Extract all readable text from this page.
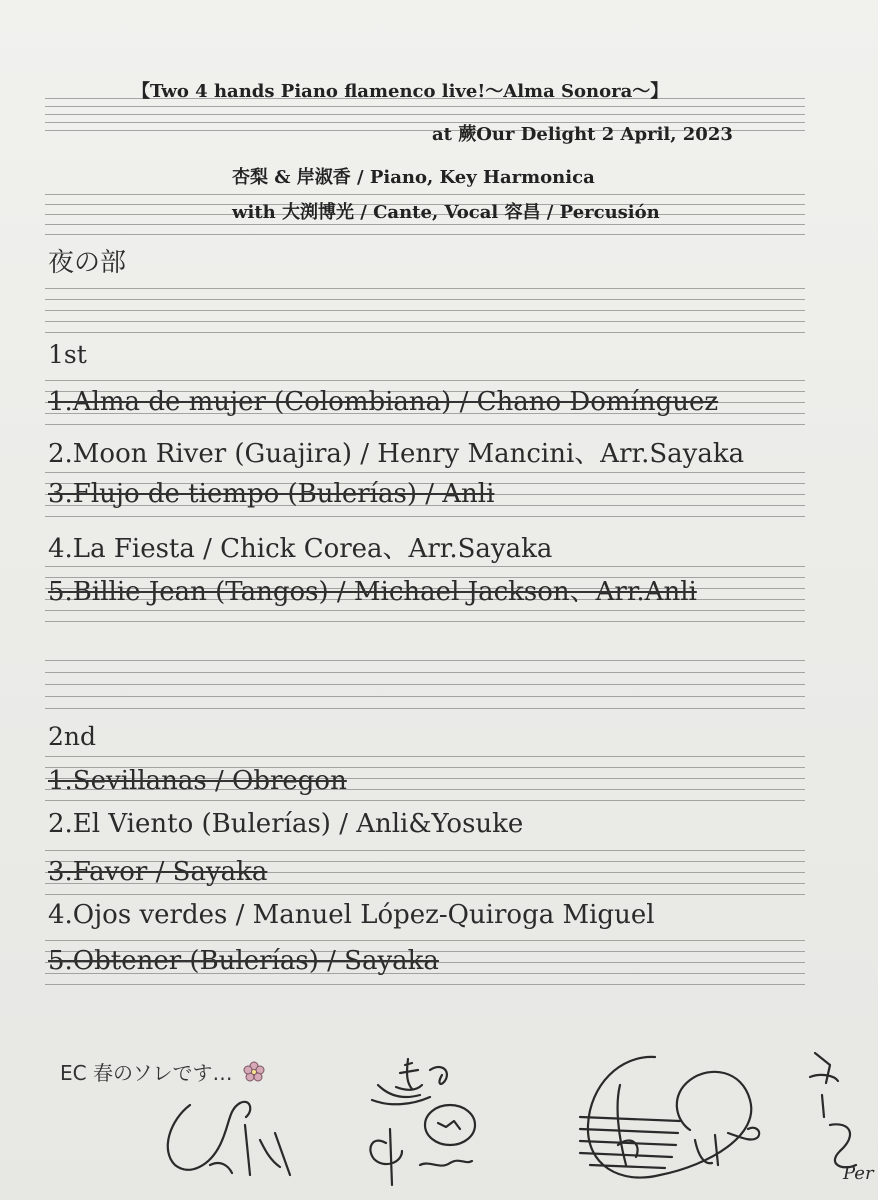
【Two 4 hands Piano flamenco live!〜Alma Sonora〜】
at 蕨Our Delight 2 April, 2023
杏梨 & 岸淑香 / Piano, Key Harmonica
with 大渕博光 / Cante, Vocal 容昌 / Percusión
夜の部
1st
1.Alma de mujer (Colombiana) / Chano Domínguez
2.Moon River (Guajira) / Henry Mancini、Arr.Sayaka
3.Flujo de tiempo (Bulerías) / Anli
4.La Fiesta / Chick Corea、Arr.Sayaka
5.Billie Jean (Tangos) / Michael Jackson、Arr.Anli
2nd
1.Sevillanas / Obregon
2.El Viento (Bulerías) / Anli&Yosuke
3.Favor / Sayaka
4.Ojos verdes / Manuel López-Quiroga Miguel
5.Obtener (Bulerías) / Sayaka
EC 春のソレです…
Per
